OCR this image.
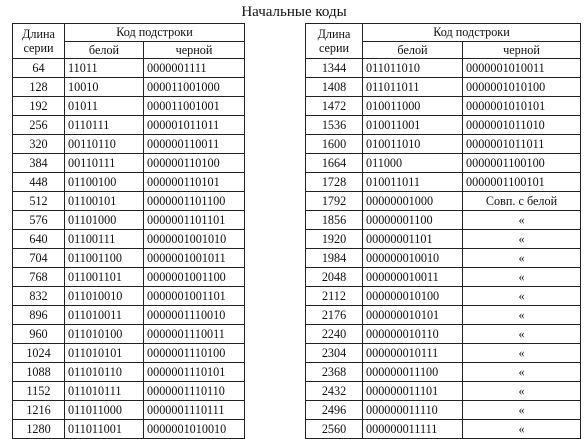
Начальные коды
Длина
серии	Код подстроки	
	белой	черной
64	11011	0000001111
128	10010	000011001000
192	01011	000011001001
256	0110111	000001011011
320	00110110	000000110011
384	00110111	000000110100
448	01100100	000000110101
512	01100101	0000001101100
576	01101000	0000001101101
640	01100111	0000001001010
704	011001100	0000001001011
768	011001101	0000001001100
832	011010010	0000001001101
896	011010011	0000001110010
960	011010100	0000001110011
1024	011010101	0000001110100
1088	011010110	0000001110101
1152	011010111	0000001110110
1216	011011000	0000001110111
1280	011011001	0000001010010
Длина
серии	Код подстроки	
	белой	черной
1344	011011010	0000001010011
1408	011011011	0000001010100
1472	010011000	0000001010101
1536	010011001	0000001011010
1600	010011010	0000001011011
1664	011000	0000001100100
1728	010011011	0000001100101
1792	00000001000	Совп. с белой
1856	00000001100	«
1920	00000001101	«
1984	000000010010	«
2048	000000010011	«
2112	000000010100	«
2176	000000010101	«
2240	000000010110	«
2304	000000010111	«
2368	000000011100	«
2432	000000011101	«
2496	000000011110	«
2560	000000011111	«
